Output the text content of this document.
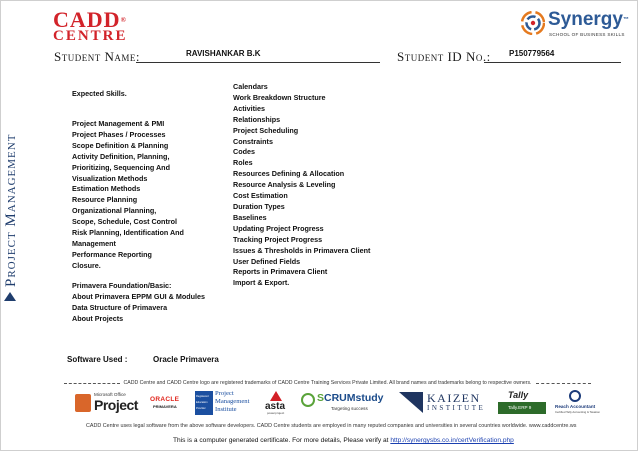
CADD®
CENTRE
Synergy™
SCHOOL OF BUSINESS SKILLS
Student Name:	RAVISHANKAR B.K	Student ID No.: P150779564
Project Management
Expected Skills.
Project Management & PMI
Project Phases / Processes
Scope Definition & Planning
Activity Definition, Planning,
Prioritizing, Sequencing And
Visualization Methods
Estimation Methods
Resource Planning
Organizational Planning,
Scope, Schedule, Cost Control
Risk Planning, Identification And
Management
Performance Reporting
Closure.
Primavera Foundation/Basic:
About Primavera EPPM GUI & Modules
Data Structure of Primavera
About Projects
Calendars
Work Breakdown Structure
Activities
Relationships
Project Scheduling
Constraints
Codes
Roles
Resources Defining & Allocation
Resource Analysis & Leveling
Cost Estimation
Duration Types
Baselines
Updating Project Progress
Tracking Project Progress
Issues & Thresholds in Primavera Client
User Defined Fields
Reports in Primavera Client
Import & Export.
Software Used :	Oracle Primavera
CADD Centre and CADD Centre logo are registered trademarks of CADD Centre Training Services Private Limited. All brand names and trademarks belong to respective owners.
Microsoft Office
Project ORACLE
PRIMAVERA
Registered
Education
Provider
Project
Management
Institute	asta
powerproject
SCRUMstudy
Targeting success
KAIZEN
INSTITUTE
Tally
Tally.ERP 9	Reach Accountant
Certified Tally Accounting & Taxation
CADD Centre uses legal software from the above software developers. CADD Centre students are employed in many reputed companies and universities in several countries worldwide. www.caddcentre.ws
This is a computer generated certificate. For more details, Please verify at http://synergysbs.co.in/certVerification.php
